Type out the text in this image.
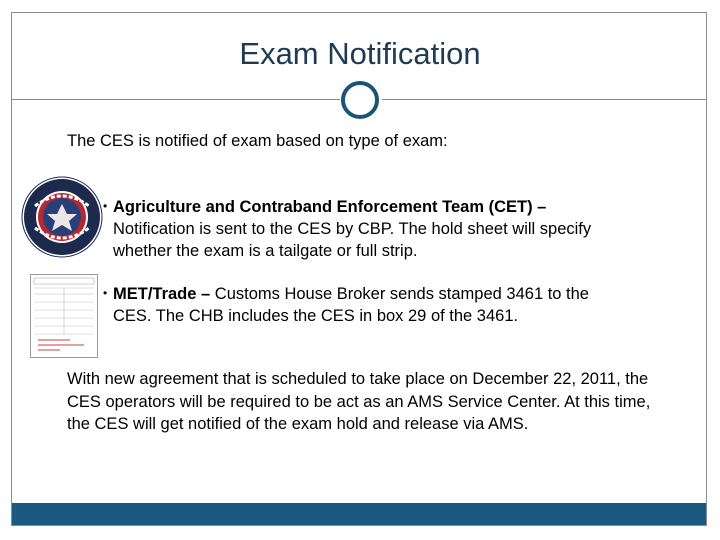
Exam Notification
The CES is notified of exam based on type of exam:
• Agriculture and Contraband Enforcement Team (CET) –
Notification is sent to the CES by CBP. The hold sheet will specify
whether the exam is a tailgate or full strip.
• MET/Trade – Customs House Broker sends stamped 3461 to the
CES. The CHB includes the CES in box 29 of the 3461.
With new agreement that is scheduled to take place on December 22, 2011, the CES operators will be required to be act as an AMS Service Center. At this time, the CES will get notified of the exam hold and release via AMS.
